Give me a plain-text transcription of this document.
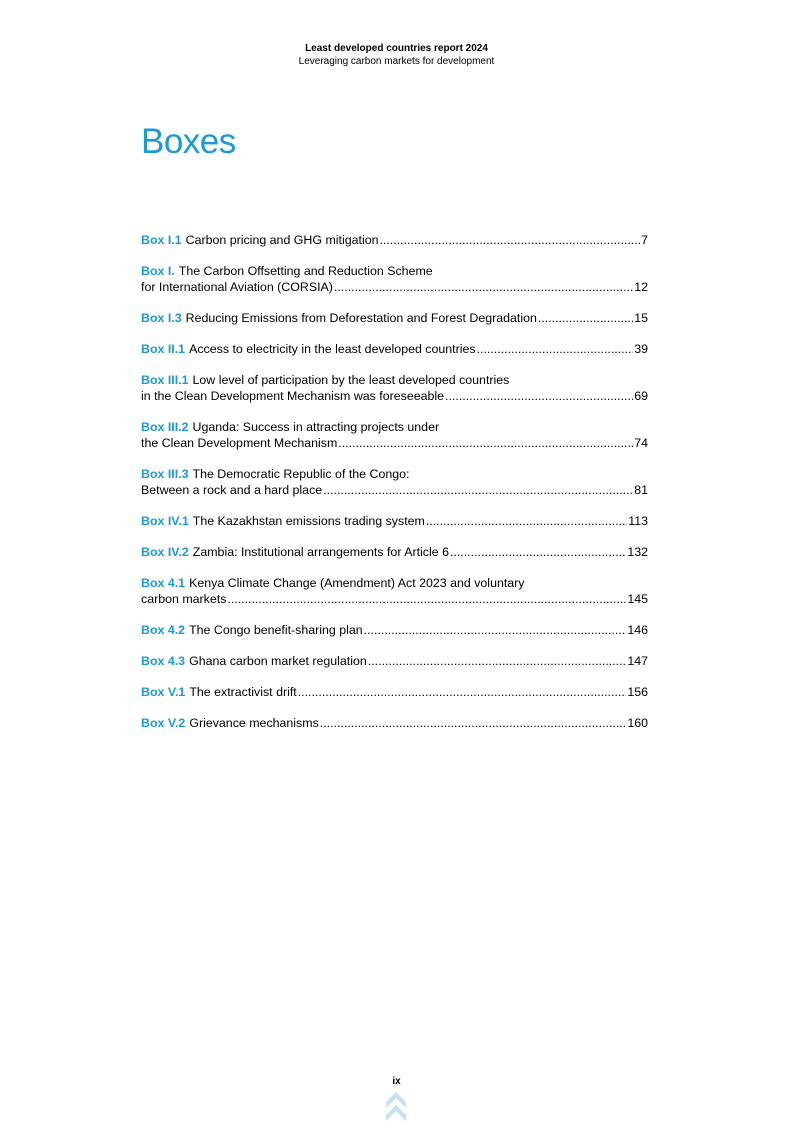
Least developed countries report 2024
Leveraging carbon markets for development
Boxes
Box I.1 Carbon pricing and GHG mitigation .....	7
Box I. The Carbon Offsetting and Reduction Scheme
for International Aviation (CORSIA) .....	12
Box I.3 Reducing Emissions from Deforestation and Forest Degradation .....	15
Box II.1 Access to electricity in the least developed countries .....	39
Box III.1 Low level of participation by the least developed countries
in the Clean Development Mechanism was foreseeable .....	69
Box III.2 Uganda: Success in attracting projects under
the Clean Development Mechanism .....	74
Box III.3 The Democratic Republic of the Congo:
Between a rock and a hard place .....	81
Box IV.1 The Kazakhstan emissions trading system .....	113
Box IV.2 Zambia: Institutional arrangements for Article 6 .....	132
Box 4.1 Kenya Climate Change (Amendment) Act 2023 and voluntary
carbon markets .....	145
Box 4.2 The Congo benefit-sharing plan .....	146
Box 4.3 Ghana carbon market regulation .....	147
Box V.1 The extractivist drift .....	156
Box V.2 Grievance mechanisms .....	160
ix
